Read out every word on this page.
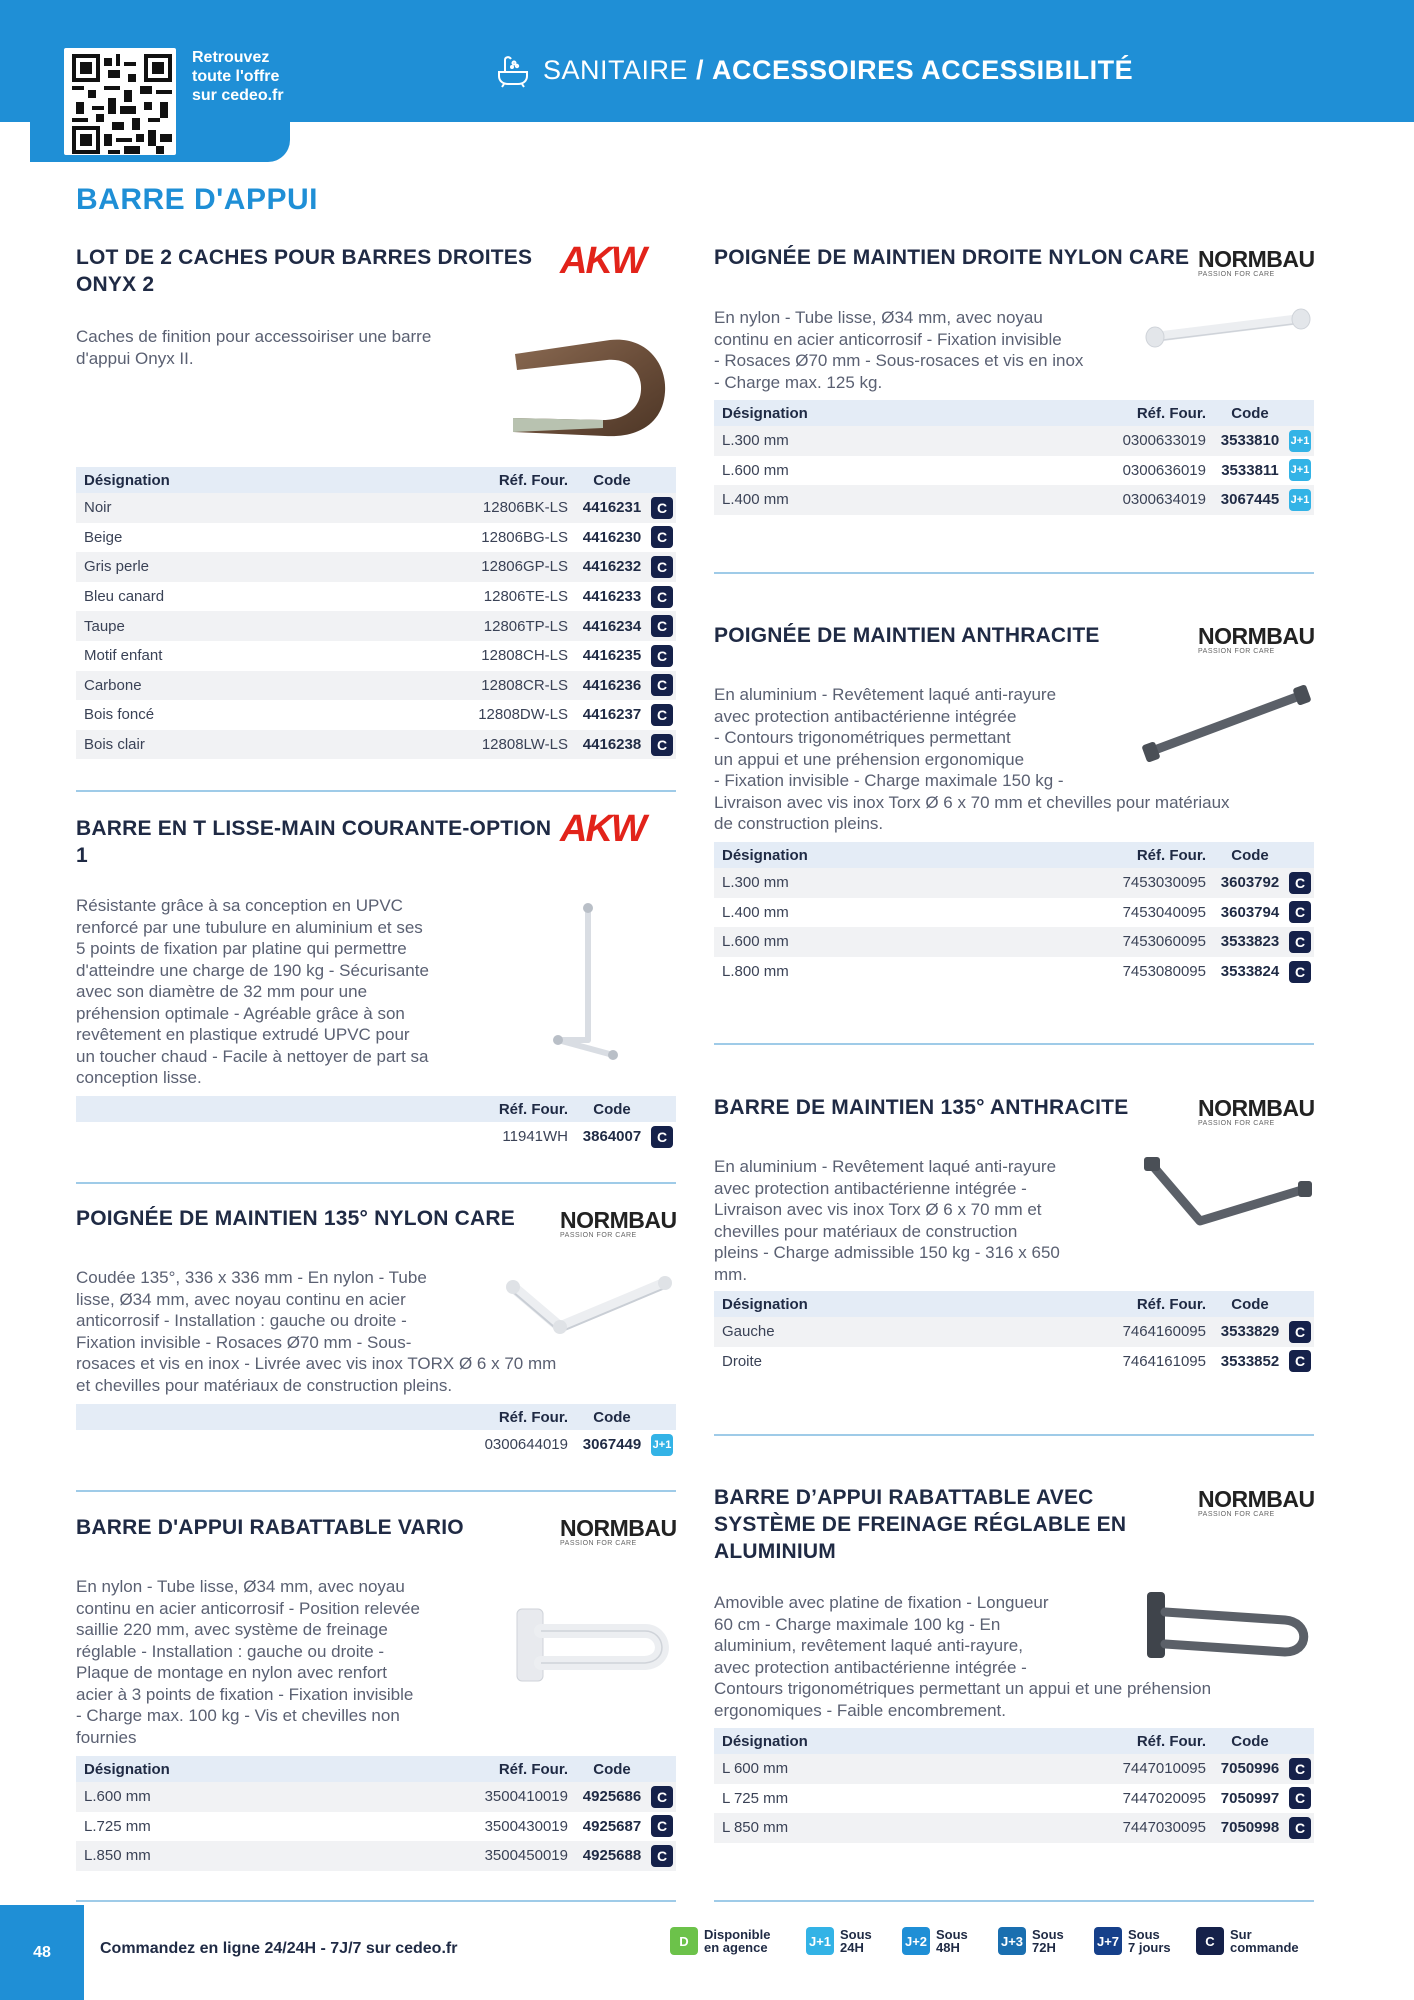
Retrouvez
toute l'offre
sur cedeo.fr
SANITAIRE / ACCESSOIRES ACCESSIBILITÉ
BARRE D'APPUI
LOT DE 2 CACHES POUR BARRES DROITES
ONYX 2
AKW
Caches de finition pour accessoiriser une barre
d'appui Onyx II.
Désignation	Réf. Four.	Code
Noir	12806BK-LS 4416231	C
Beige	12806BG-LS 4416230	C
Gris perle	12806GP-LS 4416232	C
Bleu canard	12806TE-LS 4416233	C
Taupe	12806TP-LS 4416234	C
Motif enfant	12808CH-LS 4416235	C
Carbone	12808CR-LS 4416236	C
Bois foncé	12808DW-LS 4416237	C
Bois clair	12808LW-LS 4416238	C
BARRE EN T LISSE-MAIN COURANTE-OPTION 1
AKW
Résistante grâce à sa conception en UPVC
renforcé par une tubulure en aluminium et ses
5 points de fixation par platine qui permettre
d'atteindre une charge de 190 kg - Sécurisante
avec son diamètre de 32 mm pour une
préhension optimale - Agréable grâce à son
revêtement en plastique extrudé UPVC pour
un toucher chaud - Facile à nettoyer de part sa
conception lisse.
Réf. Four.	Code
11941WH 3864007	C
POIGNÉE DE MAINTIEN 135° NYLON CARE	NORMBAU
PASSION FOR CARE
Coudée 135°, 336 x 336 mm - En nylon - Tube
lisse, Ø34 mm, avec noyau continu en acier
anticorrosif - Installation : gauche ou droite -
Fixation invisible - Rosaces Ø70 mm - Sous-
rosaces et vis en inox - Livrée avec vis inox TORX Ø 6 x 70 mm
et chevilles pour matériaux de construction pleins.
Réf. Four.	Code
0300644019 3067449	J+1
BARRE D'APPUI RABATTABLE VARIO	NORMBAU
PASSION FOR CARE
En nylon - Tube lisse, Ø34 mm, avec noyau
continu en acier anticorrosif - Position relevée
saillie 220 mm, avec système de freinage
réglable - Installation : gauche ou droite -
Plaque de montage en nylon avec renfort
acier à 3 points de fixation - Fixation invisible
- Charge max. 100 kg - Vis et chevilles non
fournies
Désignation	Réf. Four.	Code
L.600 mm	3500410019 4925686	C
L.725 mm	3500430019 4925687	C
L.850 mm	3500450019 4925688	C
POIGNÉE DE MAINTIEN DROITE NYLON CARE NORMBAU
PASSION FOR CARE
En nylon - Tube lisse, Ø34 mm, avec noyau
continu en acier anticorrosif - Fixation invisible
- Rosaces Ø70 mm - Sous-rosaces et vis en inox
- Charge max. 125 kg.
Désignation	Réf. Four.	Code
L.300 mm	0300633019 3533810	J+1
L.600 mm	0300636019	3533811	J+1
L.400 mm	0300634019 3067445	J+1
POIGNÉE DE MAINTIEN ANTHRACITE	NORMBAU
PASSION FOR CARE
En aluminium - Revêtement laqué anti-rayure
avec protection antibactérienne intégrée
- Contours trigonométriques permettant
un appui et une préhension ergonomique
- Fixation invisible - Charge maximale 150 kg -
Livraison avec vis inox Torx Ø 6 x 70 mm et chevilles pour matériaux
de construction pleins.
Désignation	Réf. Four.	Code
L.300 mm	7453030095 3603792	C
L.400 mm	7453040095 3603794	C
L.600 mm	7453060095 3533823	C
L.800 mm	7453080095 3533824	C
BARRE DE MAINTIEN 135° ANTHRACITE	NORMBAU
PASSION FOR CARE
En aluminium - Revêtement laqué anti-rayure
avec protection antibactérienne intégrée -
Livraison avec vis inox Torx Ø 6 x 70 mm et
chevilles pour matériaux de construction
pleins - Charge admissible 150 kg - 316 x 650
mm.
Désignation	Réf. Four.	Code
Gauche	7464160095 3533829	C
Droite	7464161095 3533852	C
BARRE D’APPUI RABATTABLE AVEC
SYSTÈME DE FREINAGE RÉGLABLE EN
ALUMINIUM
NORMBAU
PASSION FOR CARE
Amovible avec platine de fixation - Longueur
60 cm - Charge maximale 100 kg - En
aluminium, revêtement laqué anti-rayure,
avec protection antibactérienne intégrée -
Contours trigonométriques permettant un appui et une préhension
ergonomiques - Faible encombrement.
Désignation	Réf. Four.	Code
L 600 mm	7447010095 7050996	C
L 725 mm	7447020095 7050997	C
L 850 mm	7447030095 7050998	C
48	Commandez en ligne 24/24H - 7J/7 sur cedeo.fr	D	Disponible
en agence	J+1 Sous
24H	J+2 Sous
48H	J+3 Sous
72H	J+7 Sous
7 jours	C	Sur
commande
